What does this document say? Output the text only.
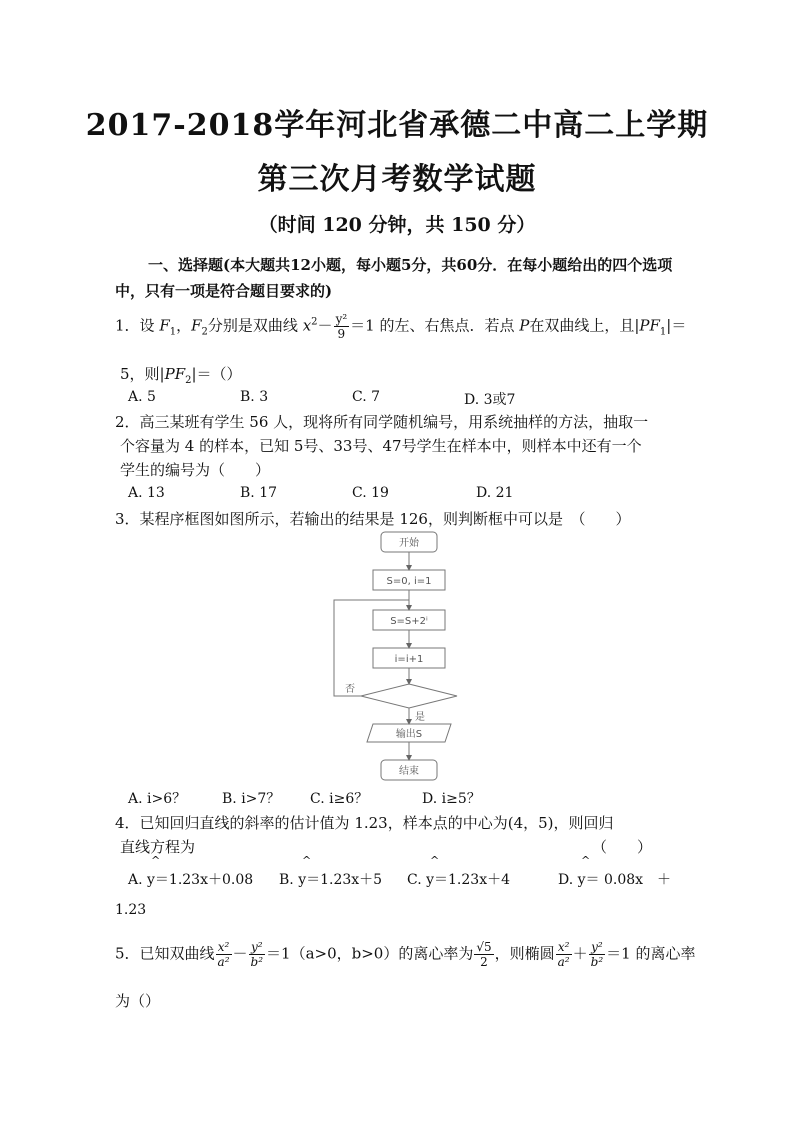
2017-2018学年河北省承德二中高二上学期
第三次月考数学试题
（时间 120 分钟，共 150 分）
一、选择题(本大题共12小题，每小题5分，共60分．在每小题给出的四个选项中，只有一项是符合题目要求的)
1．设 $F_1$，$F_2$分别是双曲线 $x^2- \frac{\text{y²}}{9} =1$ 的左、右焦点．若点 P在双曲线上，且$|PF_1|=$
5，则$|PF_2|=()$
A. 5	B. 3	C. 7	D. 3或7
2．高三某班有学生 56 人，现将所有同学随机编号，用系统抽样的方法，抽取一
个容量为 4 的样本，已知 5号、33号、47号学生在样本中，则样本中还有一个
学生的编号为（　　）
A. 13	B. 17	C. 19	D. 21
3．某程序框图如图所示，若输出的结果是 126，则判断框中可以是　（　　）
开始
S=0, i=1
S=S+2ⁱ
i=i+1
否
是
输出S
结束
A. i>6？	B. i>7？ C. i≥6？	D. i≥5？
4．已知回归直线的斜率的估计值为 1.23，样本点的中心为(4，5)，则回归
直线方程为	（　　）
A. y＝1.23x＋0.08 B. y＝1.23x＋5 C. y＝1.23x＋4	D. y＝ 0.08x　＋
1.23
^	^	^	^
5．已知双曲线 $\frac{\text{x²}}{\text{a²}} - \frac{\text{y²}}{\text{b²}} =1(a>0$，b>0）的离心率为 $\frac{√5}{2}$ ，则椭圆 $\frac{\text{x²}}{\text{a²}} + \frac{\text{y²}}{\text{b²}} =1$ 的离心率
为（）
